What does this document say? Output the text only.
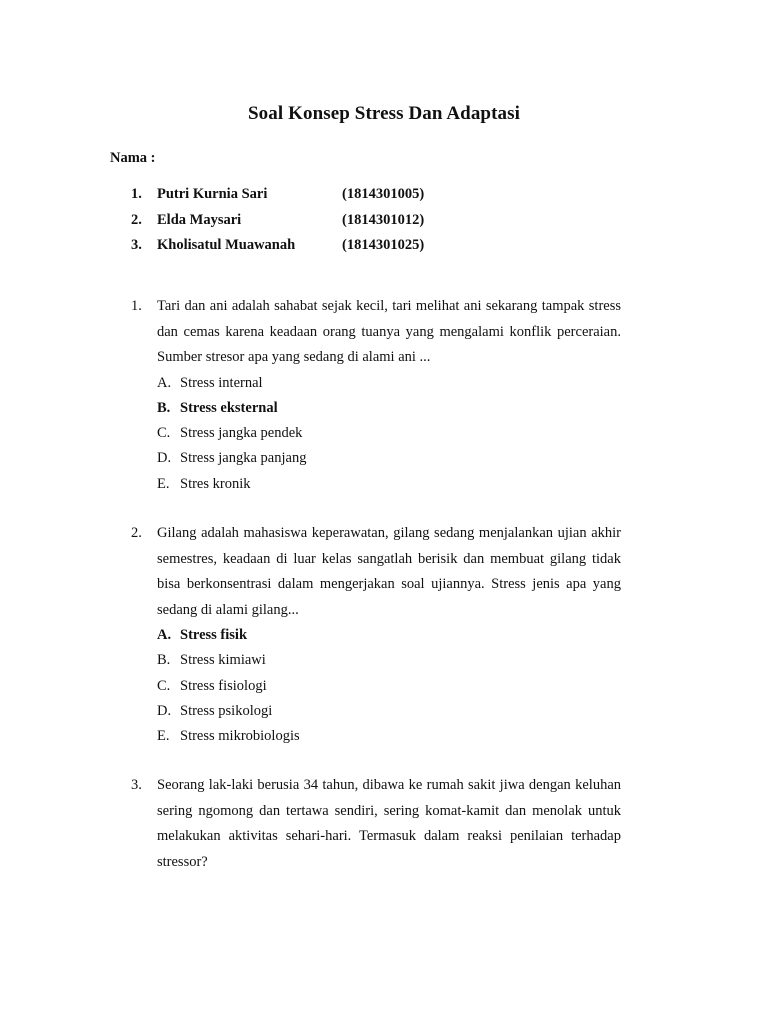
Soal Konsep Stress Dan Adaptasi
Nama :
1. Putri Kurnia Sari	(1814301005)
2. Elda Maysari	(1814301012)
3. Kholisatul Muawanah	(1814301025)
1. Tari dan ani adalah sahabat sejak kecil, tari melihat ani sekarang tampak stress dan cemas karena keadaan orang tuanya yang mengalami konflik perceraian. Sumber stresor apa yang sedang di alami ani ...
A. Stress internal
B. Stress eksternal
C. Stress jangka pendek
D. Stress jangka panjang
E. Stres kronik
2. Gilang adalah mahasiswa keperawatan, gilang sedang menjalankan ujian akhir semestres, keadaan di luar kelas sangatlah berisik dan membuat gilang tidak bisa berkonsentrasi dalam mengerjakan soal ujiannya. Stress jenis apa yang sedang di alami gilang...
A. Stress fisik
B. Stress kimiawi
C. Stress fisiologi
D. Stress psikologi
E. Stress mikrobiologis
3. Seorang lak-laki berusia 34 tahun, dibawa ke rumah sakit jiwa dengan keluhan sering ngomong dan tertawa sendiri, sering komat-kamit dan menolak untuk melakukan aktivitas sehari-hari. Termasuk dalam reaksi penilaian terhadap stressor?
